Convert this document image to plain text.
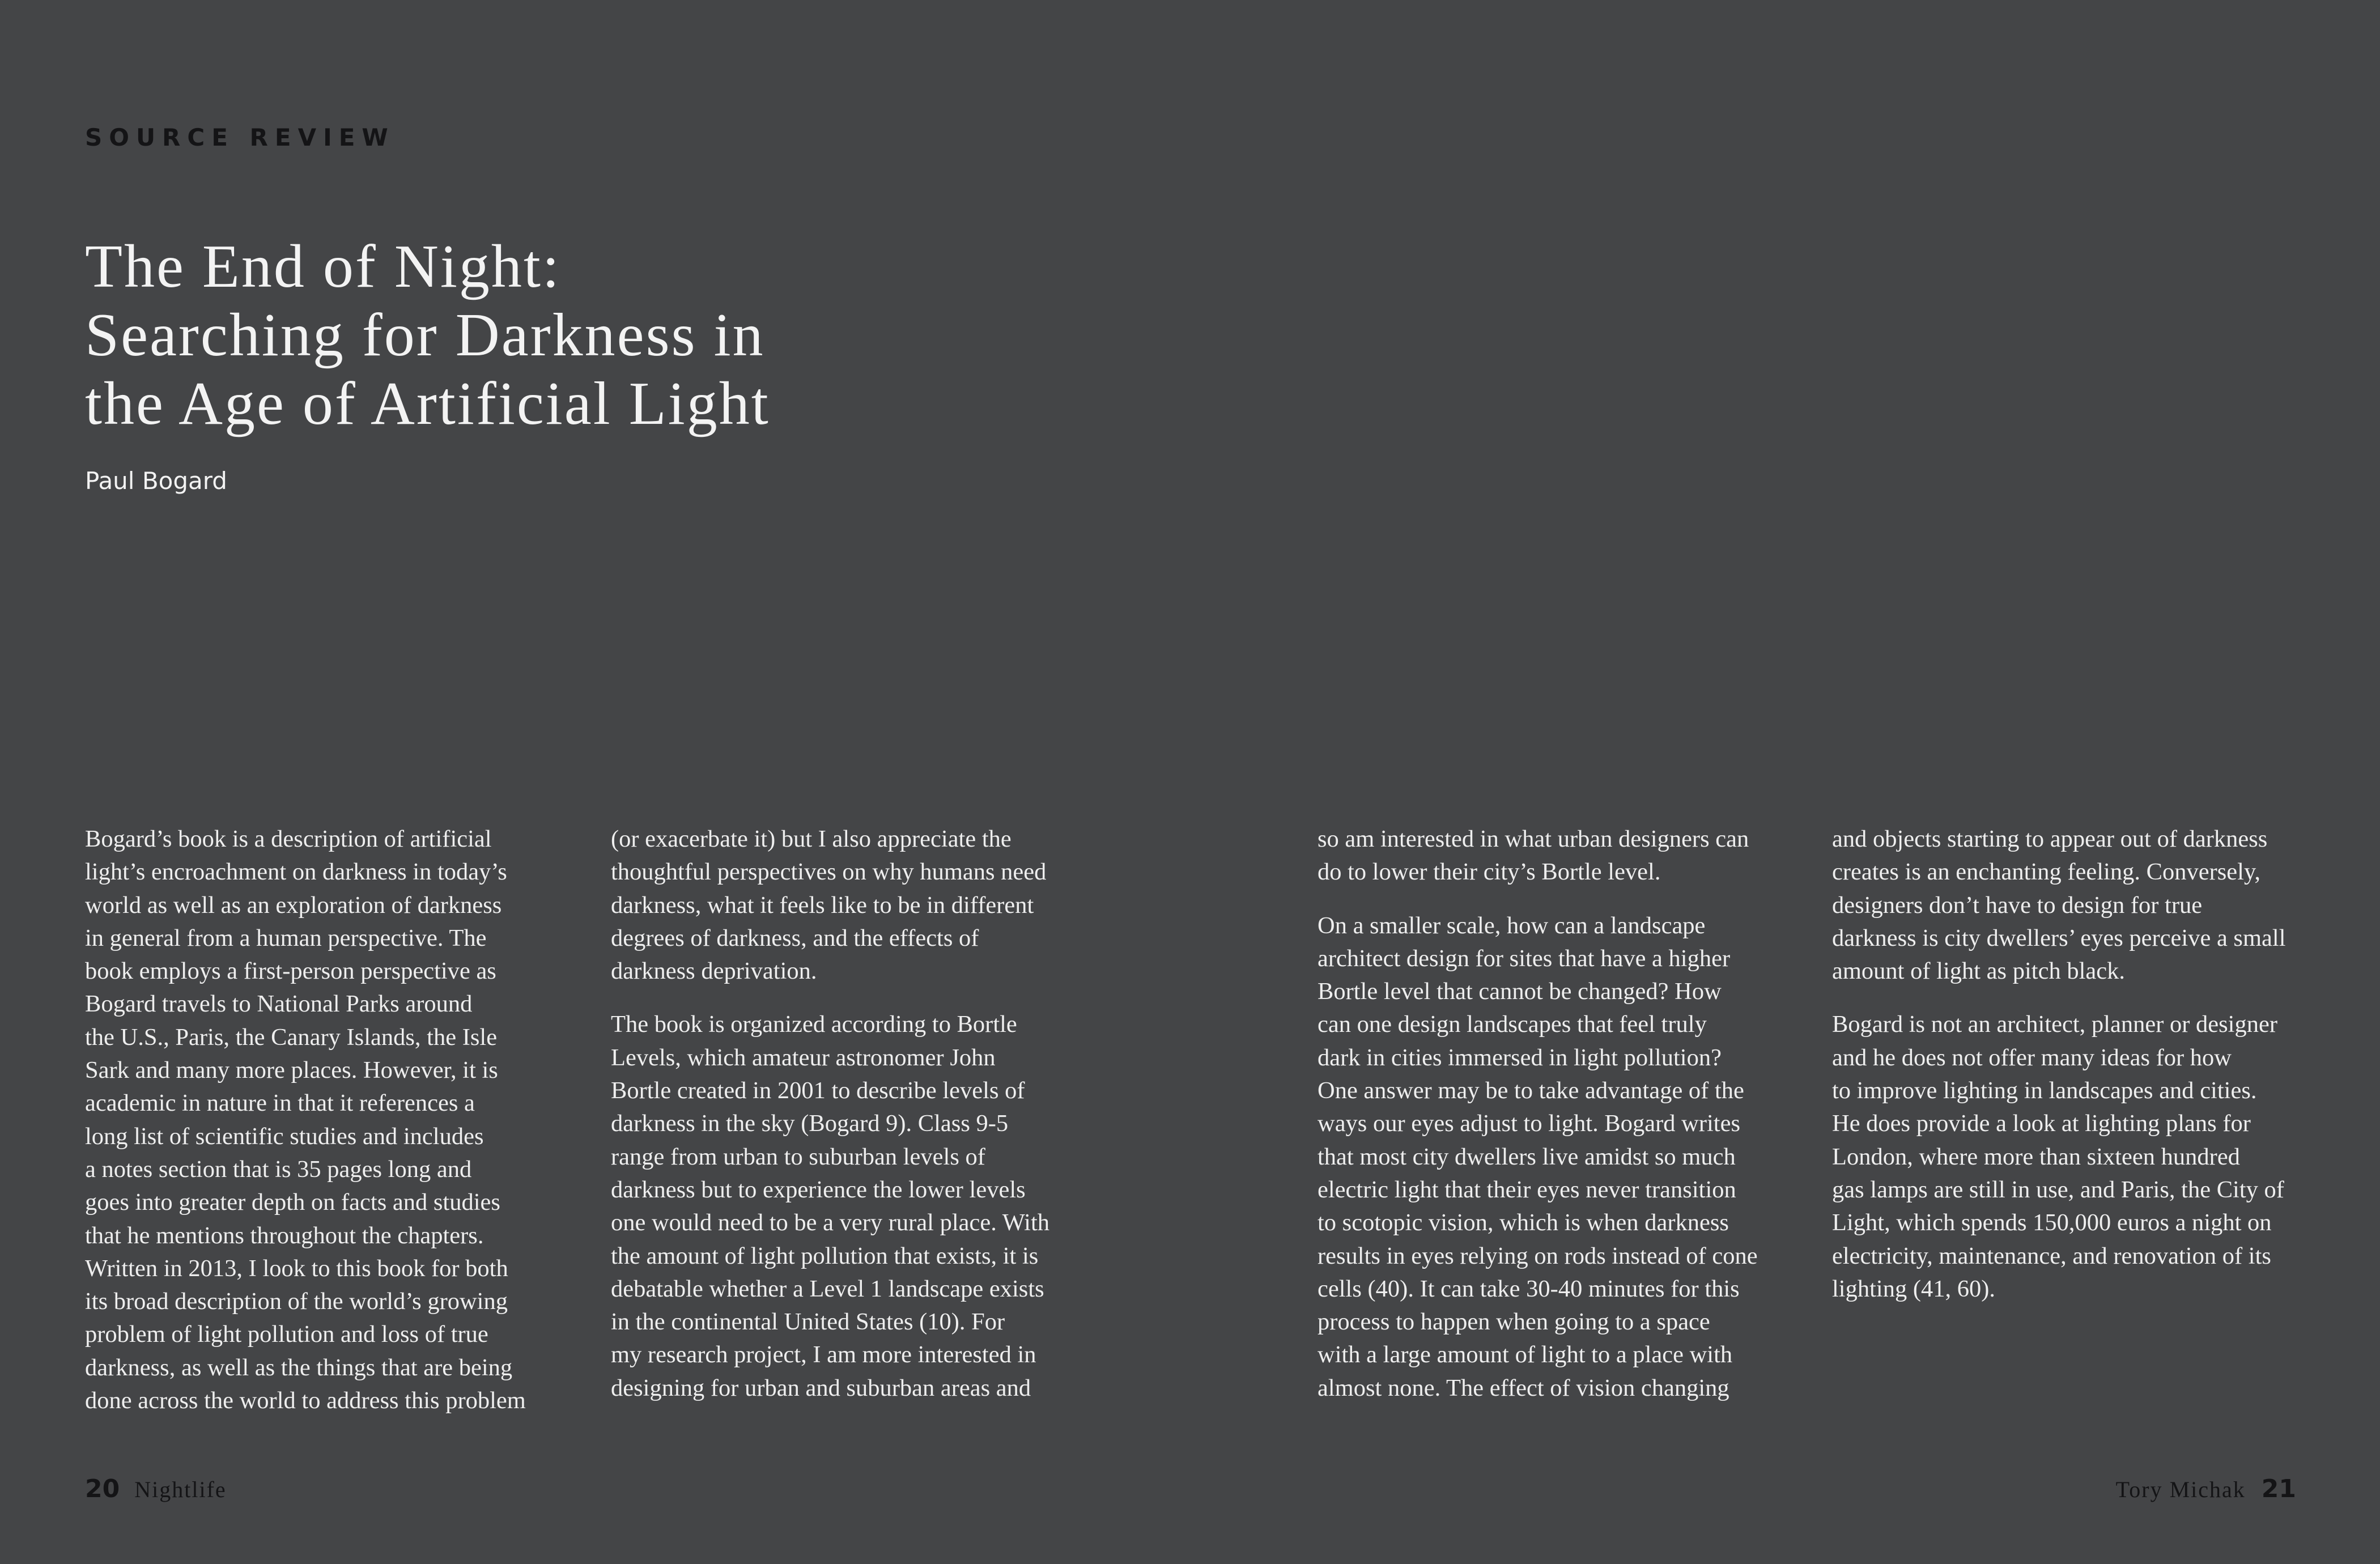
SOURCE REVIEW
The End of Night:
Searching for Darkness in
the Age of Artificial Light
Paul Bogard

Bogard’s book is a description of artificial
light’s encroachment on darkness in today’s
world as well as an exploration of darkness
in general from a human perspective. The
book employs a first-person perspective as
Bogard travels to National Parks around
the U.S., Paris, the Canary Islands, the Isle
Sark and many more places. However, it is
academic in nature in that it references a
long list of scientific studies and includes
a notes section that is 35 pages long and
goes into greater depth on facts and studies
that he mentions throughout the chapters.
Written in 2013, I look to this book for both
its broad description of the world’s growing
problem of light pollution and loss of true
darkness, as well as the things that are being
done across the world to address this problem

(or exacerbate it) but I also appreciate the
thoughtful perspectives on why humans need
darkness, what it feels like to be in different
degrees of darkness, and the effects of
darkness deprivation.

The book is organized according to Bortle
Levels, which amateur astronomer John
Bortle created in 2001 to describe levels of
darkness in the sky (Bogard 9). Class 9-5
range from urban to suburban levels of
darkness but to experience the lower levels
one would need to be a very rural place. With
the amount of light pollution that exists, it is
debatable whether a Level 1 landscape exists
in the continental United States (10). For
my research project, I am more interested in
designing for urban and suburban areas and

so am interested in what urban designers can
do to lower their city’s Bortle level.

On a smaller scale, how can a landscape
architect design for sites that have a higher
Bortle level that cannot be changed? How
can one design landscapes that feel truly
dark in cities immersed in light pollution?
One answer may be to take advantage of the
ways our eyes adjust to light. Bogard writes
that most city dwellers live amidst so much
electric light that their eyes never transition
to scotopic vision, which is when darkness
results in eyes relying on rods instead of cone
cells (40). It can take 30-40 minutes for this
process to happen when going to a space
with a large amount of light to a place with
almost none. The effect of vision changing

and objects starting to appear out of darkness
creates is an enchanting feeling. Conversely,
designers don’t have to design for true
darkness is city dwellers’ eyes perceive a small
amount of light as pitch black.

Bogard is not an architect, planner or designer
and he does not offer many ideas for how
to improve lighting in landscapes and cities.
He does provide a look at lighting plans for
London, where more than sixteen hundred
gas lamps are still in use, and Paris, the City of
Light, which spends 150,000 euros a night on
electricity, maintenance, and renovation of its
lighting (41, 60).

20 Nightlife	Tory Michak 21
